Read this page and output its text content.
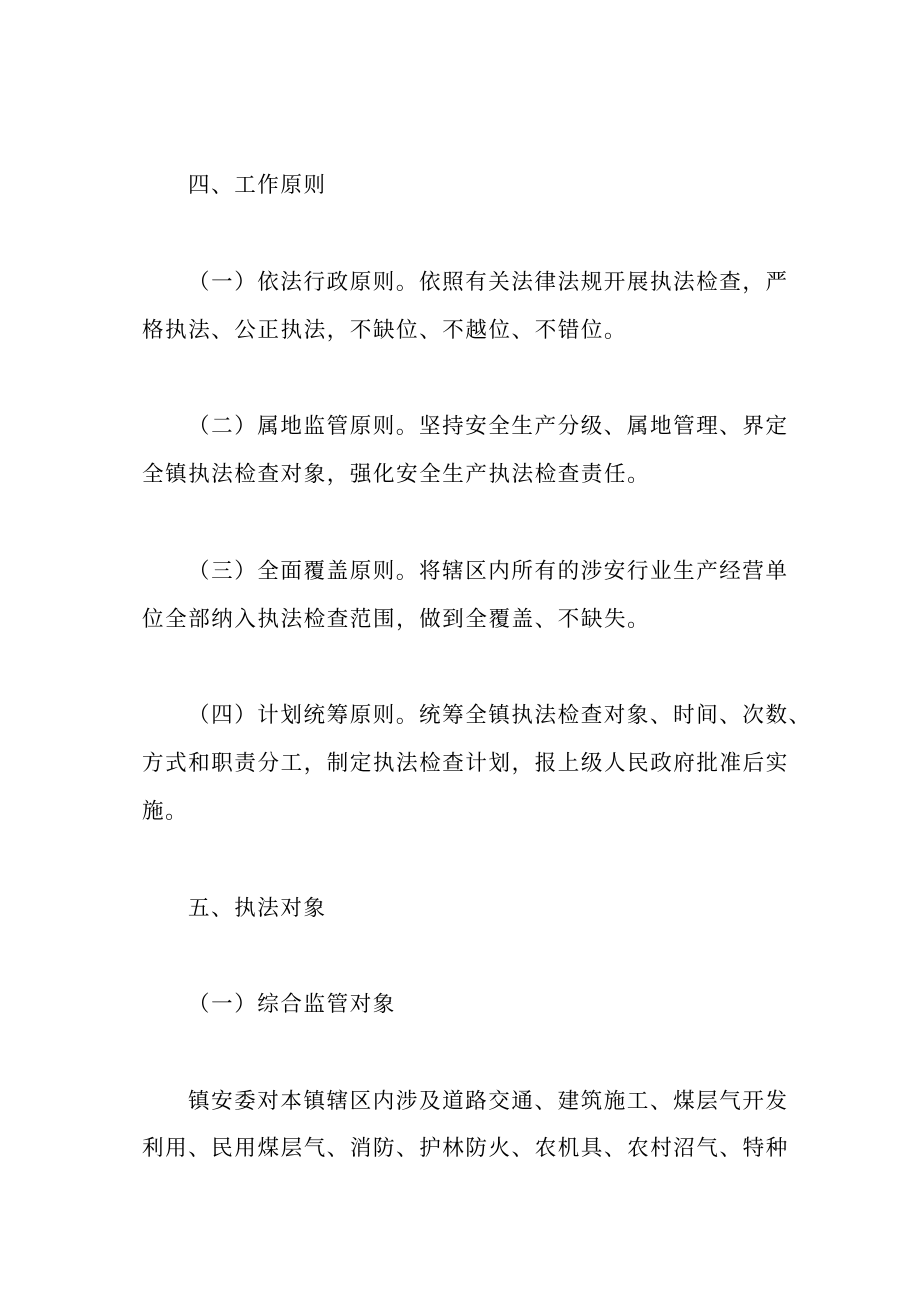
四、工作原则
（一）依法行政原则。依照有关法律法规开展执法检查，严
格执法、公正执法，不缺位、不越位、不错位。
（二）属地监管原则。坚持安全生产分级、属地管理、界定
全镇执法检查对象，强化安全生产执法检查责任。
（三）全面覆盖原则。将辖区内所有的涉安行业生产经营单
位全部纳入执法检查范围，做到全覆盖、不缺失。
（四）计划统筹原则。统筹全镇执法检查对象、时间、次数、
方式和职责分工，制定执法检查计划，报上级人民政府批准后实
施。
五、执法对象
（一）综合监管对象
镇安委对本镇辖区内涉及道路交通、建筑施工、煤层气开发
利用、民用煤层气、消防、护林防火、农机具、农村沼气、特种
